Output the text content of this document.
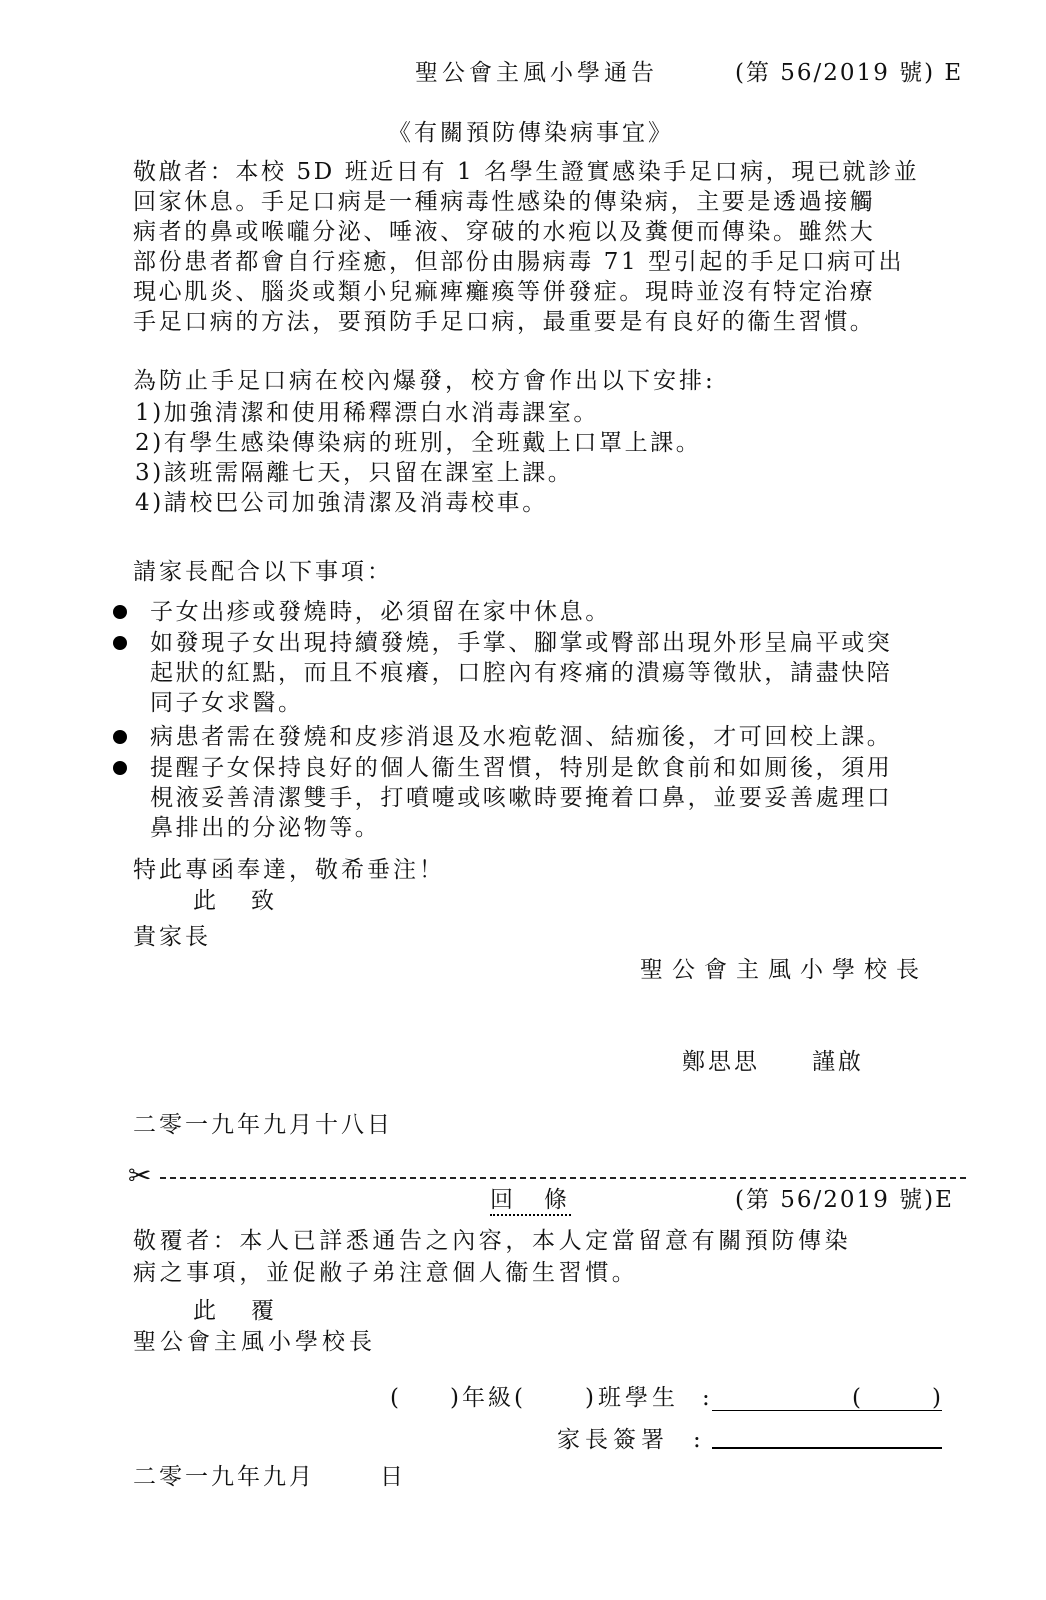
聖公會主風小學通告	(第 56/2019 號) E
《有關預防傳染病事宜》
敬啟者：本校 5D 班近日有 1 名學生證實感染手足口病，現已就診並
回家休息。手足口病是一種病毒性感染的傳染病，主要是透過接觸
病者的鼻或喉嚨分泌、唾液、穿破的水疱以及糞便而傳染。雖然大
部份患者都會自行痊癒，但部份由腸病毒 71 型引起的手足口病可出
現心肌炎、腦炎或類小兒痲痺癱瘓等併發症。現時並沒有特定治療
手足口病的方法，要預防手足口病，最重要是有良好的衞生習慣。
為防止手足口病在校內爆發，校方會作出以下安排:
1)加強清潔和使用稀釋漂白水消毒課室。
2)有學生感染傳染病的班別，全班戴上口罩上課。
3)該班需隔離七天，只留在課室上課。
4)請校巴公司加強清潔及消毒校車。
請家長配合以下事項：
子女出疹或發燒時，必須留在家中休息。
如發現子女出現持續發燒，手掌、腳掌或臀部出現外形呈扁平或突
起狀的紅點，而且不痕癢，口腔內有疼痛的潰瘍等徵狀，請盡快陪
同子女求醫。
病患者需在發燒和皮疹消退及水疱乾涸、結痂後，才可回校上課。
提醒子女保持良好的個人衞生習慣，特別是飲食前和如厠後，須用
梘液妥善清潔雙手，打噴嚏或咳嗽時要掩着口鼻，並要妥善處理口
鼻排出的分泌物等。
特此專函奉達，敬希垂注！
此　致
貴家長
聖公會主風小學校長
鄭思思 謹啟
二零一九年九月十八日
✂
回　條	(第 56/2019 號)E
敬覆者：本人已詳悉通告之內容，本人定當留意有關預防傳染
病之事項，並促敝子弟注意個人衞生習慣。
此　覆
聖公會主風小學校長
( )年級(	)班學生 :	(	)
家長簽署 :
二零一九年九月	日
